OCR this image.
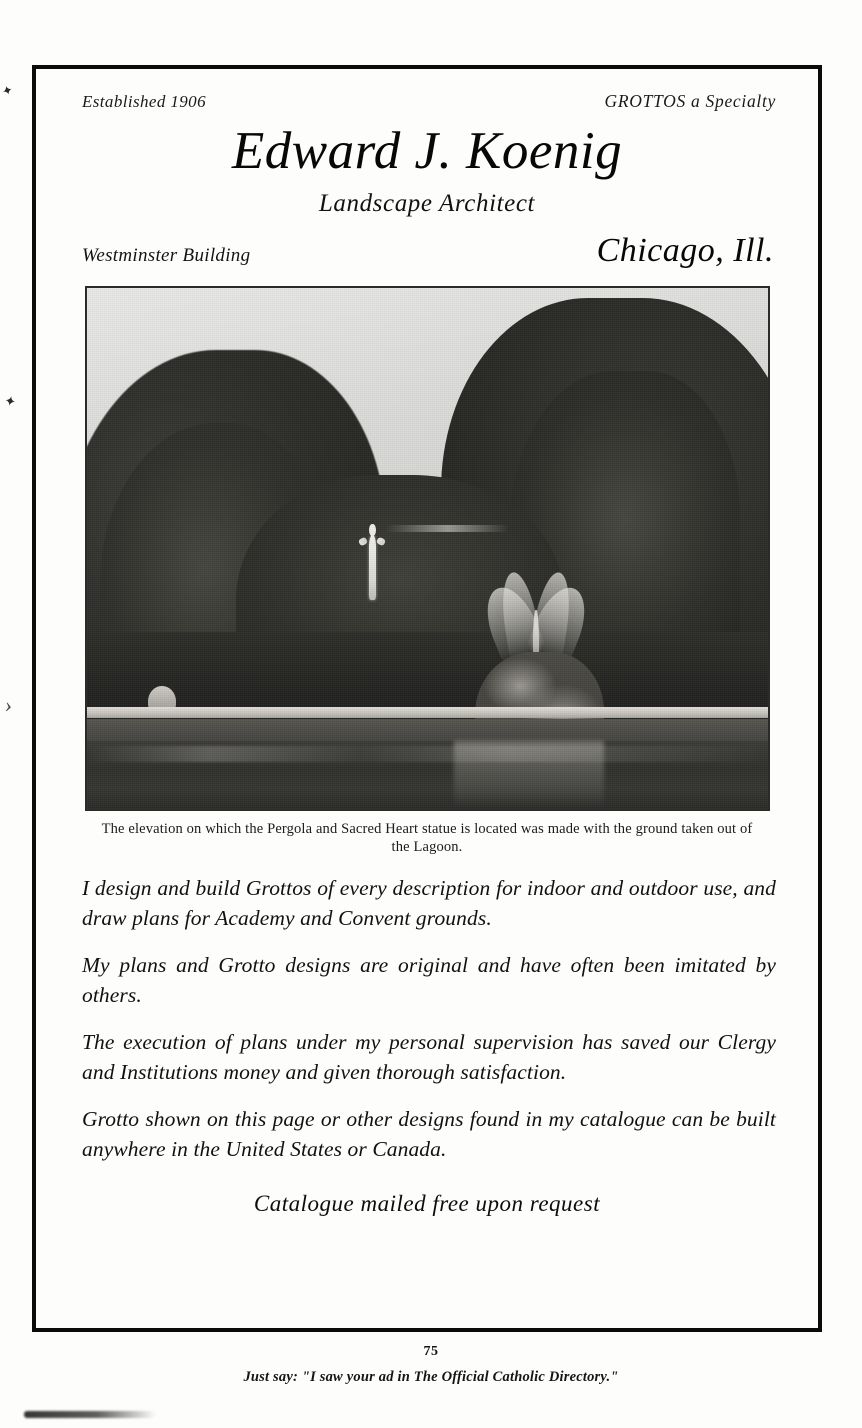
✦
✦
›
Established 1906	GROTTOS a Specialty
Edward J. Koenig
Landscape Architect
Westminster Building	Chicago, Ill.
The elevation on which the Pergola and Sacred Heart statue is located was made with the ground taken out of the Lagoon.

I design and build Grottos of every description for indoor and outdoor use, and draw plans for Academy and Convent grounds.

My plans and Grotto designs are original and have often been imitated by others.

The execution of plans under my personal supervision has saved our Clergy and Institutions money and given thorough satisfaction.

Grotto shown on this page or other designs found in my catalogue can be built anywhere in the United States or Canada.

Catalogue mailed free upon request
75
Just say: "I saw your ad in The Official Catholic Directory."
